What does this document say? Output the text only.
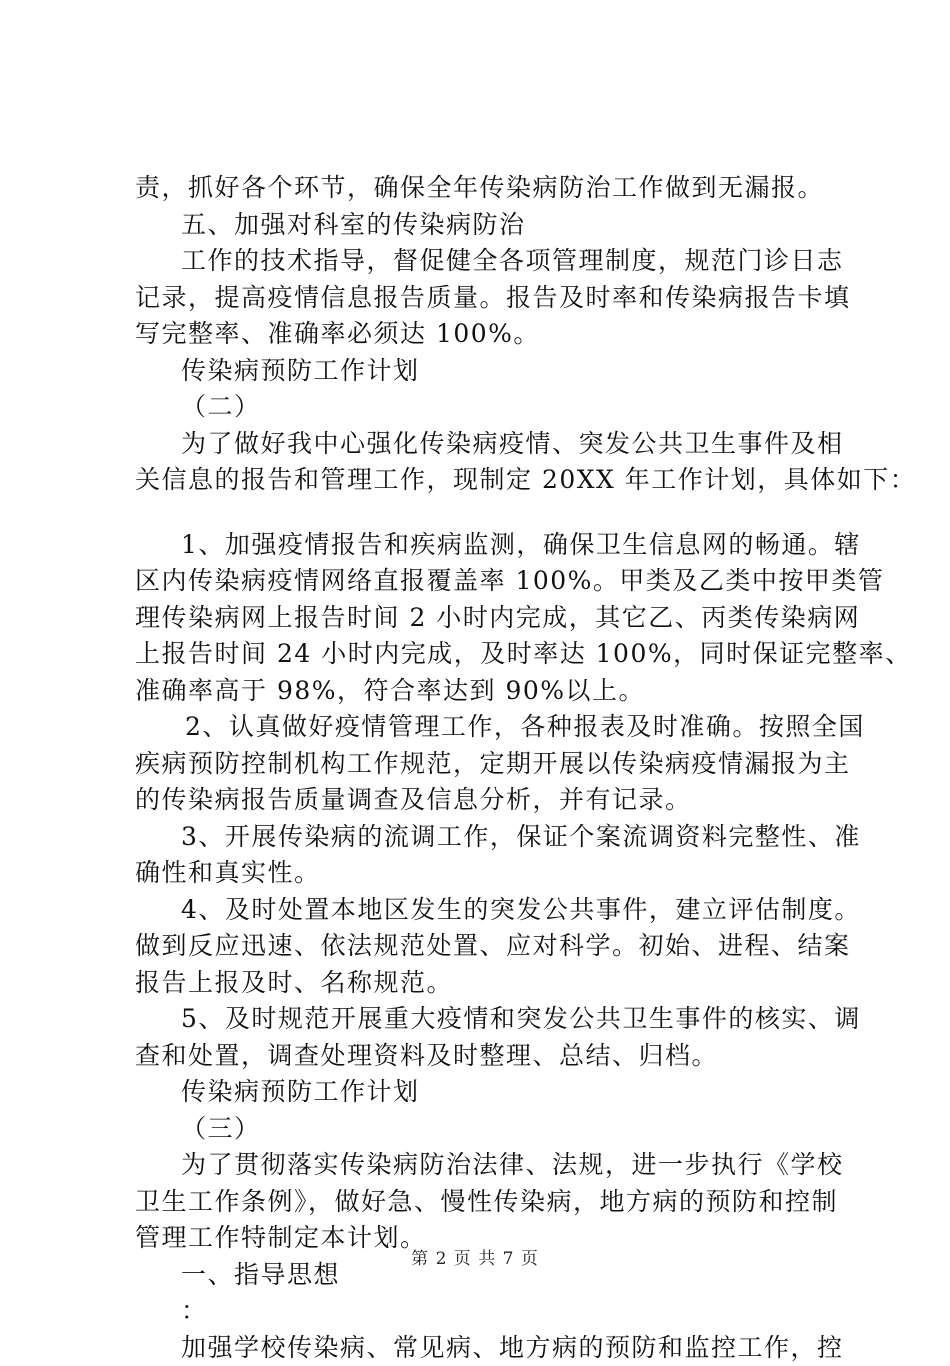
责，抓好各个环节，确保全年传染病防治工作做到无漏报。
五、加强对科室的传染病防治
工作的技术指导，督促健全各项管理制度，规范门诊日志
记录，提高疫情信息报告质量。报告及时率和传染病报告卡填
写完整率、准确率必须达 100%。
传染病预防工作计划
（二）
为了做好我中心强化传染病疫情、突发公共卫生事件及相
关信息的报告和管理工作，现制定 20XX 年工作计划，具体如下：
1、加强疫情报告和疾病监测，确保卫生信息网的畅通。辖
区内传染病疫情网络直报覆盖率 100%。甲类及乙类中按甲类管
理传染病网上报告时间 2 小时内完成，其它乙、丙类传染病网
上报告时间 24 小时内完成，及时率达 100%，同时保证完整率、
准确率高于 98%，符合率达到 90%以上。
2、认真做好疫情管理工作，各种报表及时准确。按照全国
疾病预防控制机构工作规范，定期开展以传染病疫情漏报为主
的传染病报告质量调查及信息分析，并有记录。
3、开展传染病的流调工作，保证个案流调资料完整性、准
确性和真实性。
4、及时处置本地区发生的突发公共事件，建立评估制度。
做到反应迅速、依法规范处置、应对科学。初始、进程、结案
报告上报及时、名称规范。
5、及时规范开展重大疫情和突发公共卫生事件的核实、调
查和处置，调查处理资料及时整理、总结、归档。
传染病预防工作计划
（三）
为了贯彻落实传染病防治法律、法规，进一步执行《学校
卫生工作条例》，做好急、慢性传染病，地方病的预防和控制
管理工作特制定本计划。
一、指导思想
：
加强学校传染病、常见病、地方病的预防和监控工作，控
第 2 页 共 7 页
